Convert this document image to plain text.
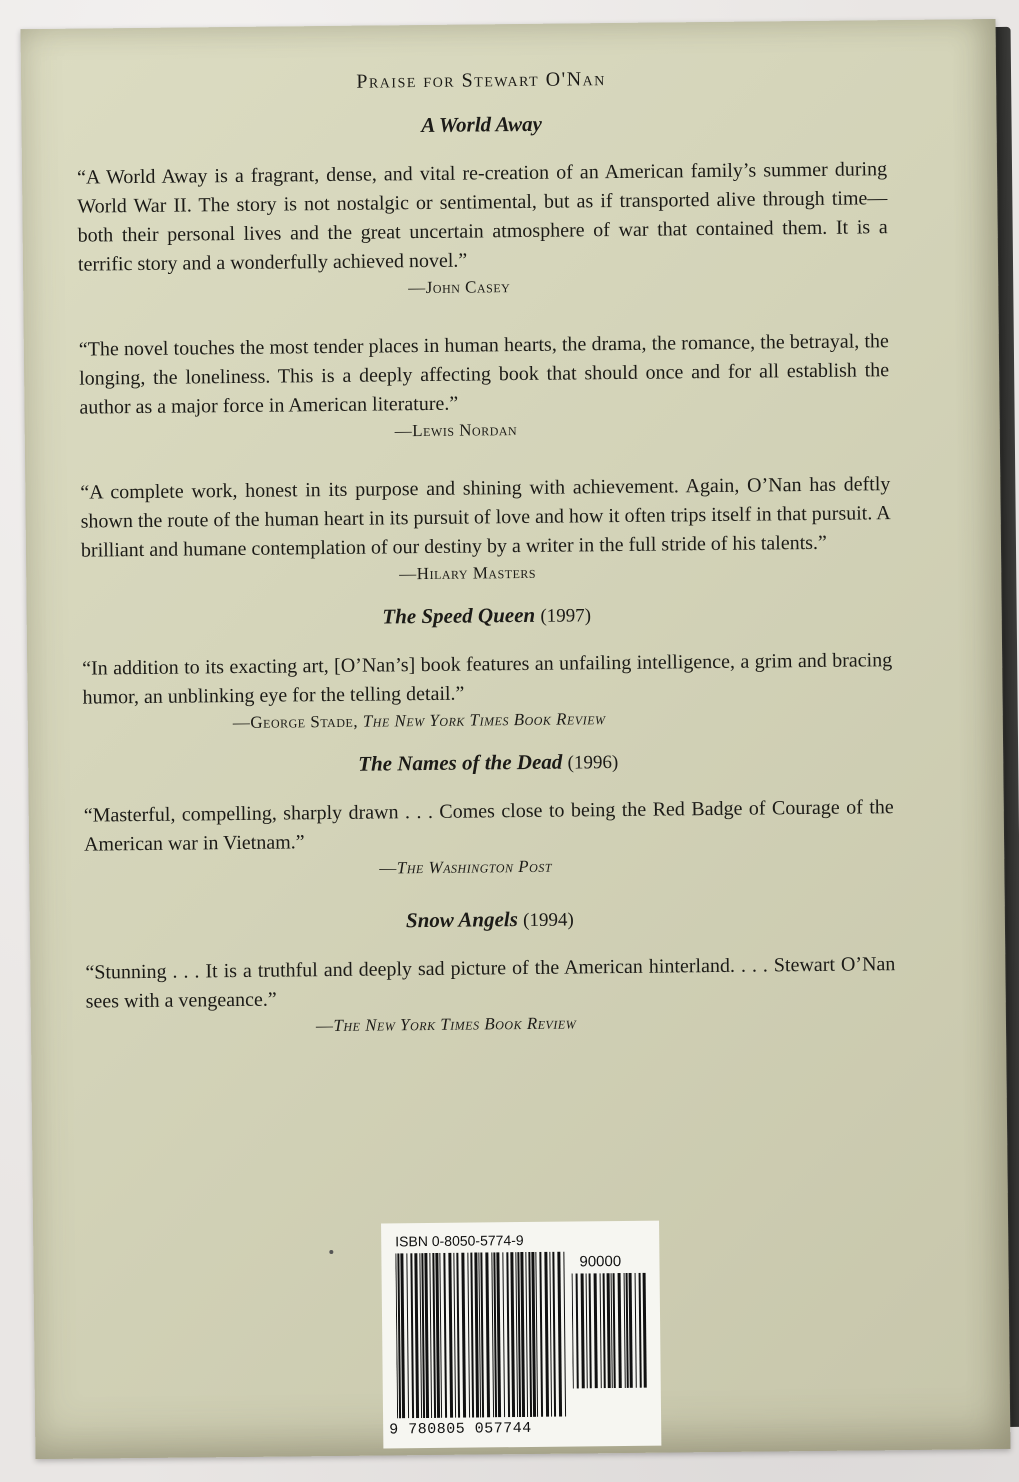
Praise for Stewart O'Nan
A World Away

“A World Away is a fragrant, dense, and vital re-creation of an American family’s summer during World War II. The story is not nostalgic or sentimental, but as if transported alive through time—both their personal lives and the great uncertain atmosphere of war that contained them. It is a terrific story and a wonderfully achieved novel.”

—John Casey

“The novel touches the most tender places in human hearts, the drama, the romance, the betrayal, the longing, the loneliness. This is a deeply affecting book that should once and for all establish the author as a major force in American literature.”

—Lewis Nordan

“A complete work, honest in its purpose and shining with achievement. Again, O’Nan has deftly shown the route of the human heart in its pursuit of love and how it often trips itself in that pursuit. A brilliant and humane contemplation of our destiny by a writer in the full stride of his talents.”

—Hilary Masters
The Speed Queen (1997)

“In addition to its exacting art, [O’Nan’s] book features an unfailing intelligence, a grim and bracing humor, an unblinking eye for the telling detail.”

—George Stade, The New York Times Book Review
The Names of the Dead (1996)

“Masterful, compelling, sharply drawn . . . Comes close to being the Red Badge of Courage of the American war in Vietnam.”

—The Washington Post
Snow Angels (1994)

“Stunning . . . It is a truthful and deeply sad picture of the American hinterland. . . . Stewart O’Nan sees with a vengeance.”

—The New York Times Book Review
ISBN 0-8050-5774-9
90000
9 780805 057744
